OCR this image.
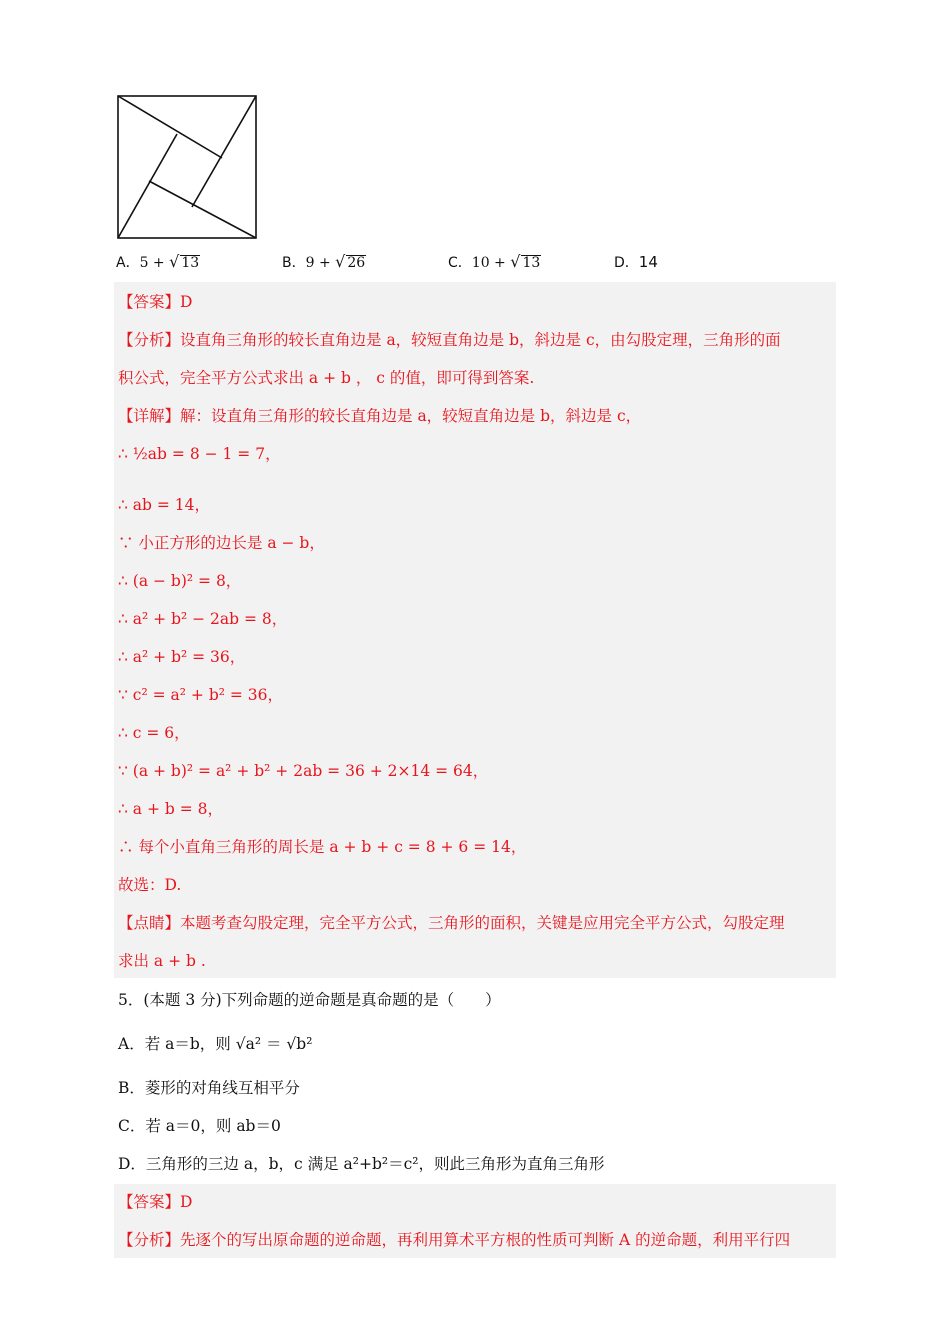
A．5 + √ 13	B．9 + √ 26	C．10 + √ 13	D．14
【答案】D
【分析】设直角三角形的较长直角边是 a，较短直角边是 b，斜边是 c，由勾股定理，三角形的面
积公式，完全平方公式求出 a + b ， c 的值，即可得到答案.
【详解】解：设直角三角形的较长直角边是 a，较短直角边是 b，斜边是 c，
∴ ½ab = 8 − 1 = 7，
∴ ab = 14，
∵ 小正方形的边长是 a − b，
∴ (a − b)² = 8，
∴ a² + b² − 2ab = 8，
∴ a² + b² = 36，
∵ c² = a² + b² = 36，
∴ c = 6，
∵ (a + b)² = a² + b² + 2ab = 36 + 2×14 = 64，
∴ a + b = 8，
∴ 每个小直角三角形的周长是 a + b + c = 8 + 6 = 14，
故选：D.
【点睛】本题考查勾股定理，完全平方公式，三角形的面积，关键是应用完全平方公式，勾股定理
求出 a + b .
5．(本题 3 分)下列命题的逆命题是真命题的是（　　）
A．若 a＝b，则 √a² ＝ √b²
B．菱形的对角线互相平分
C．若 a＝0，则 ab＝0
D．三角形的三边 a，b，c 满足 a²+b²＝c²，则此三角形为直角三角形
【答案】D
【分析】先逐个的写出原命题的逆命题，再利用算术平方根的性质可判断 A 的逆命题，利用平行四
